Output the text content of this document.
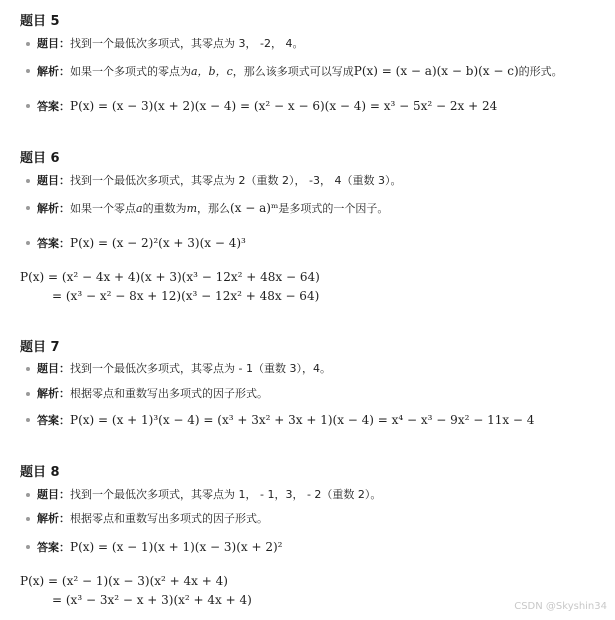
题目 5
题目：找到一个最低次多项式，其零点为 3， -2， 4。
解析：如果一个多项式的零点为a，b，c，那么该多项式可以写成P(x) = (x − a)(x − b)(x − c)的形式。
答案：P(x) = (x − 3)(x + 2)(x − 4) = (x² − x − 6)(x − 4) = x³ − 5x² − 2x + 24
题目 6
题目：找到一个最低次多项式，其零点为 2（重数 2）， -3， 4（重数 3）。
解析：如果一个零点a的重数为m，那么(x − a)ᵐ是多项式的一个因子。
答案：P(x) = (x − 2)²(x + 3)(x − 4)³
P(x) = (x² − 4x + 4)(x + 3)(x³ − 12x² + 48x − 64)
= (x³ − x² − 8x + 12)(x³ − 12x² + 48x − 64)
题目 7
题目：找到一个最低次多项式，其零点为 - 1（重数 3），4。
解析：根据零点和重数写出多项式的因子形式。
答案：P(x) = (x + 1)³(x − 4) = (x³ + 3x² + 3x + 1)(x − 4) = x⁴ − x³ − 9x² − 11x − 4
题目 8
题目：找到一个最低次多项式，其零点为 1， - 1，3， - 2（重数 2）。
解析：根据零点和重数写出多项式的因子形式。
答案：P(x) = (x − 1)(x + 1)(x − 3)(x + 2)²
P(x) = (x² − 1)(x − 3)(x² + 4x + 4)
= (x³ − 3x² − x + 3)(x² + 4x + 4)	CSDN @Skyshin34
